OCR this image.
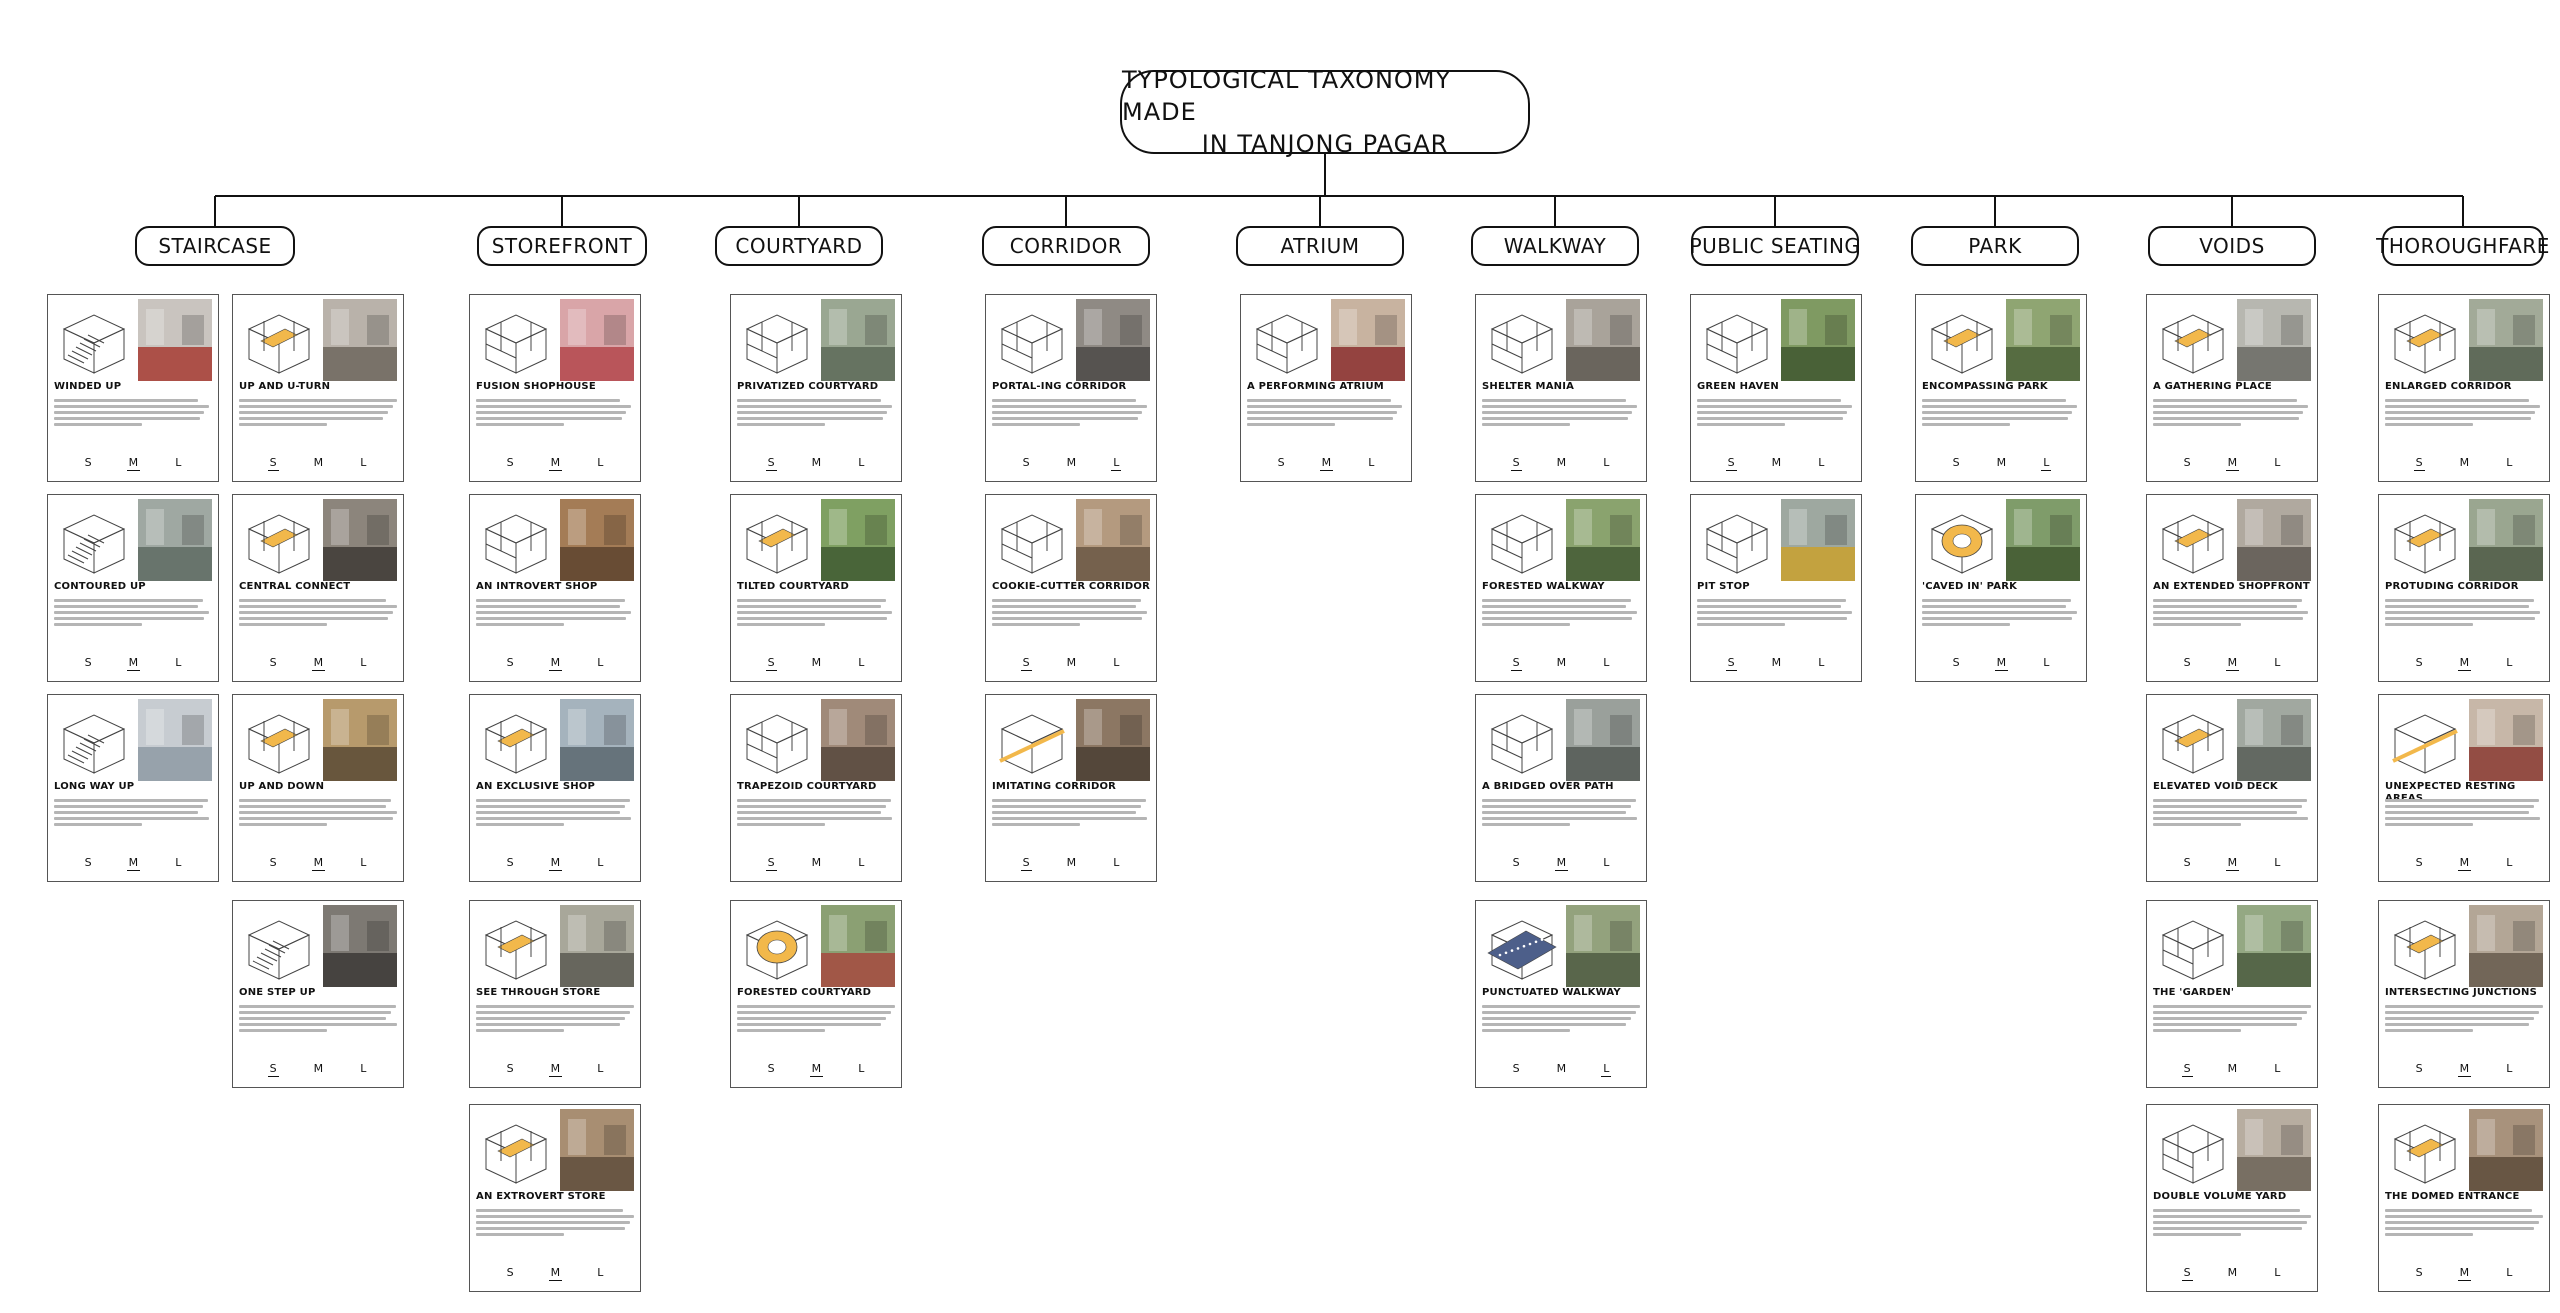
TYPOLOGICAL TAXONOMY MADE
IN TANJONG PAGAR
STAIRCASE
WINDED UP
S	M	L
CONTOURED UP
S	M	L
LONG WAY UP
S	M	L
UP AND U-TURN
S	M	L
CENTRAL CONNECT
S	M	L
UP AND DOWN
S	M	L
ONE STEP UP
S	M	L
STOREFRONT
FUSION SHOPHOUSE
S	M	L
AN INTROVERT SHOP
S	M	L
AN EXCLUSIVE SHOP
S	M	L
SEE THROUGH STORE
S	M	L
AN EXTROVERT STORE
S	M	L
COURTYARD
PRIVATIZED COURTYARD
S	M	L
TILTED COURTYARD
S	M	L
TRAPEZOID COURTYARD
S	M	L
FORESTED COURTYARD
S	M	L
CORRIDOR
PORTAL-ING CORRIDOR
S	M	L
COOKIE-CUTTER CORRIDOR
S	M	L
IMITATING CORRIDOR
S	M	L
ATRIUM
A PERFORMING ATRIUM
S	M	L
WALKWAY
SHELTER MANIA
S	M	L
FORESTED WALKWAY
S	M	L
A BRIDGED OVER PATH
S	M	L
PUNCTUATED WALKWAY
S	M	L
PUBLIC SEATING
GREEN HAVEN
S	M	L
PIT STOP
S	M	L
PARK
ENCOMPASSING PARK
S	M	L
'CAVED IN' PARK
S	M	L
VOIDS
A GATHERING PLACE
S	M	L
AN EXTENDED SHOPFRONT
S	M	L
ELEVATED VOID DECK
S	M	L
THE 'GARDEN'
S	M	L
DOUBLE VOLUME YARD
S	M	L
THOROUGHFARE
ENLARGED CORRIDOR
S	M	L
PROTUDING CORRIDOR
S	M	L
UNEXPECTED RESTING
S	M	L
INTERSECTING JUNCTIONS
S	M	L
THE DOMED ENTRANCE
S	M	L
